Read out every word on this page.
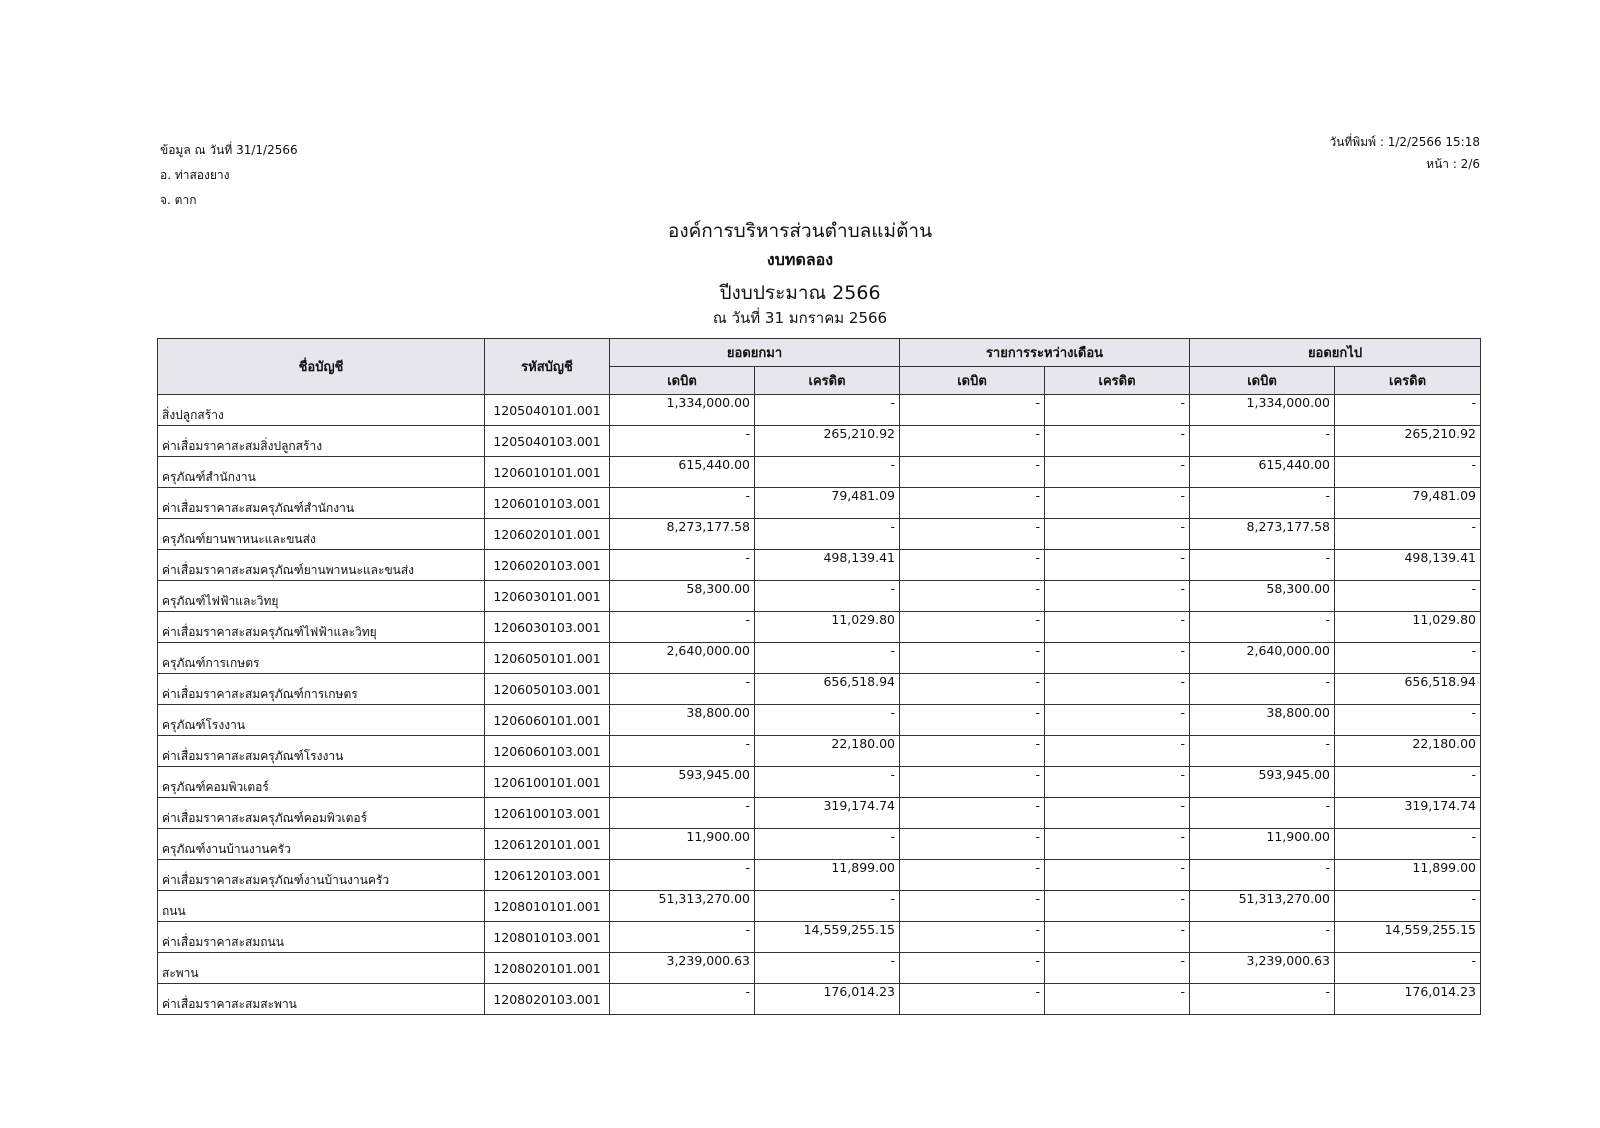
ข้อมูล ณ วันที่ 31/1/2566
อ. ท่าสองยาง
จ. ตาก
วันที่พิมพ์ : 1/2/2566 15:18
หน้า : 2/6
องค์การบริหารส่วนตำบลแม่ต้าน
งบทดลอง
ปีงบประมาณ 2566
ณ วันที่ 31 มกราคม 2566
ชื่อบัญชี	รหัสบัญชี	ยอดยกมา		รายการระหว่างเดือน		ยอดยกไป	
		เดบิต	เครดิต	เดบิต	เครดิต	เดบิต	เครดิต
สิ่งปลูกสร้าง	1205040101.001	1,334,000.00	-	-	-	1,334,000.00	-
ค่าเสื่อมราคาสะสมสิ่งปลูกสร้าง	1205040103.001	-	265,210.92	-	-	-	265,210.92
ครุภัณฑ์สำนักงาน	1206010101.001	615,440.00	-	-	-	615,440.00	-
ค่าเสื่อมราคาสะสมครุภัณฑ์สำนักงาน	1206010103.001	-	79,481.09	-	-	-	79,481.09
ครุภัณฑ์ยานพาหนะและขนส่ง	1206020101.001	8,273,177.58	-	-	-	8,273,177.58	-
ค่าเสื่อมราคาสะสมครุภัณฑ์ยานพาหนะและขนส่ง	1206020103.001	-	498,139.41	-	-	-	498,139.41
ครุภัณฑ์ไฟฟ้าและวิทยุ	1206030101.001	58,300.00	-	-	-	58,300.00	-
ค่าเสื่อมราคาสะสมครุภัณฑ์ไฟฟ้าและวิทยุ	1206030103.001	-	11,029.80	-	-	-	11,029.80
ครุภัณฑ์การเกษตร	1206050101.001	2,640,000.00	-	-	-	2,640,000.00	-
ค่าเสื่อมราคาสะสมครุภัณฑ์การเกษตร	1206050103.001	-	656,518.94	-	-	-	656,518.94
ครุภัณฑ์โรงงาน	1206060101.001	38,800.00	-	-	-	38,800.00	-
ค่าเสื่อมราคาสะสมครุภัณฑ์โรงงาน	1206060103.001	-	22,180.00	-	-	-	22,180.00
ครุภัณฑ์คอมพิวเตอร์	1206100101.001	593,945.00	-	-	-	593,945.00	-
ค่าเสื่อมราคาสะสมครุภัณฑ์คอมพิวเตอร์	1206100103.001	-	319,174.74	-	-	-	319,174.74
ครุภัณฑ์งานบ้านงานครัว	1206120101.001	11,900.00	-	-	-	11,900.00	-
ค่าเสื่อมราคาสะสมครุภัณฑ์งานบ้านงานครัว	1206120103.001	-	11,899.00	-	-	-	11,899.00
ถนน	1208010101.001	51,313,270.00	-	-	-	51,313,270.00	-
ค่าเสื่อมราคาสะสมถนน	1208010103.001	-	14,559,255.15	-	-	-	14,559,255.15
สะพาน	1208020101.001	3,239,000.63	-	-	-	3,239,000.63	-
ค่าเสื่อมราคาสะสมสะพาน	1208020103.001	-	176,014.23	-	-	-	176,014.23
